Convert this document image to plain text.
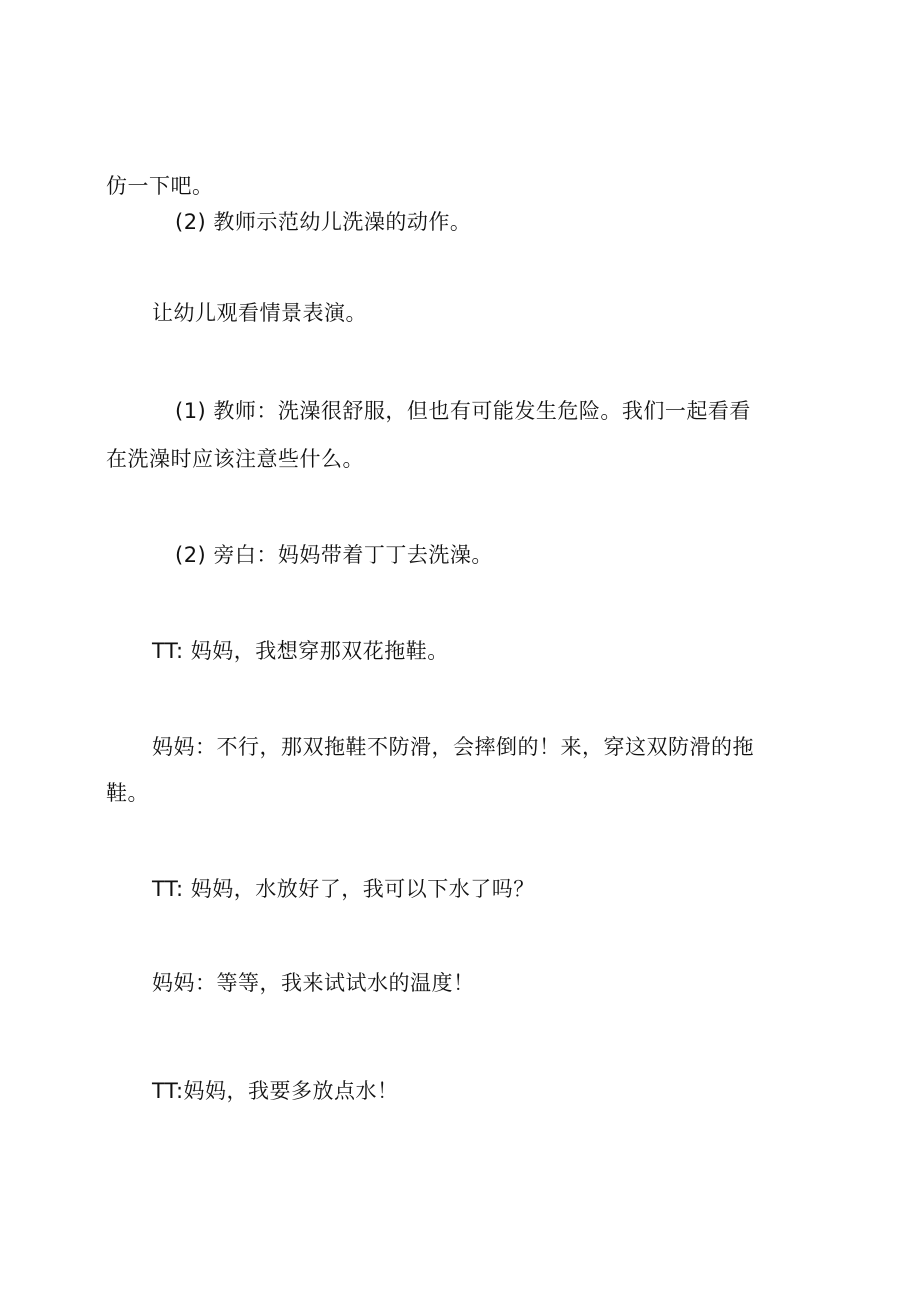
仿一下吧。
(2) 教师示范幼儿洗澡的动作。
让幼儿观看情景表演。
(1) 教师：洗澡很舒服，但也有可能发生危险。我们一起看看
在洗澡时应该注意些什么。
(2) 旁白：妈妈带着丁丁去洗澡。
TT: 妈妈，我想穿那双花拖鞋。
妈妈：不行，那双拖鞋不防滑，会摔倒的！来，穿这双防滑的拖
鞋。
TT: 妈妈，水放好了，我可以下水了吗？
妈妈：等等，我来试试水的温度！
TT:妈妈，我要多放点水！
